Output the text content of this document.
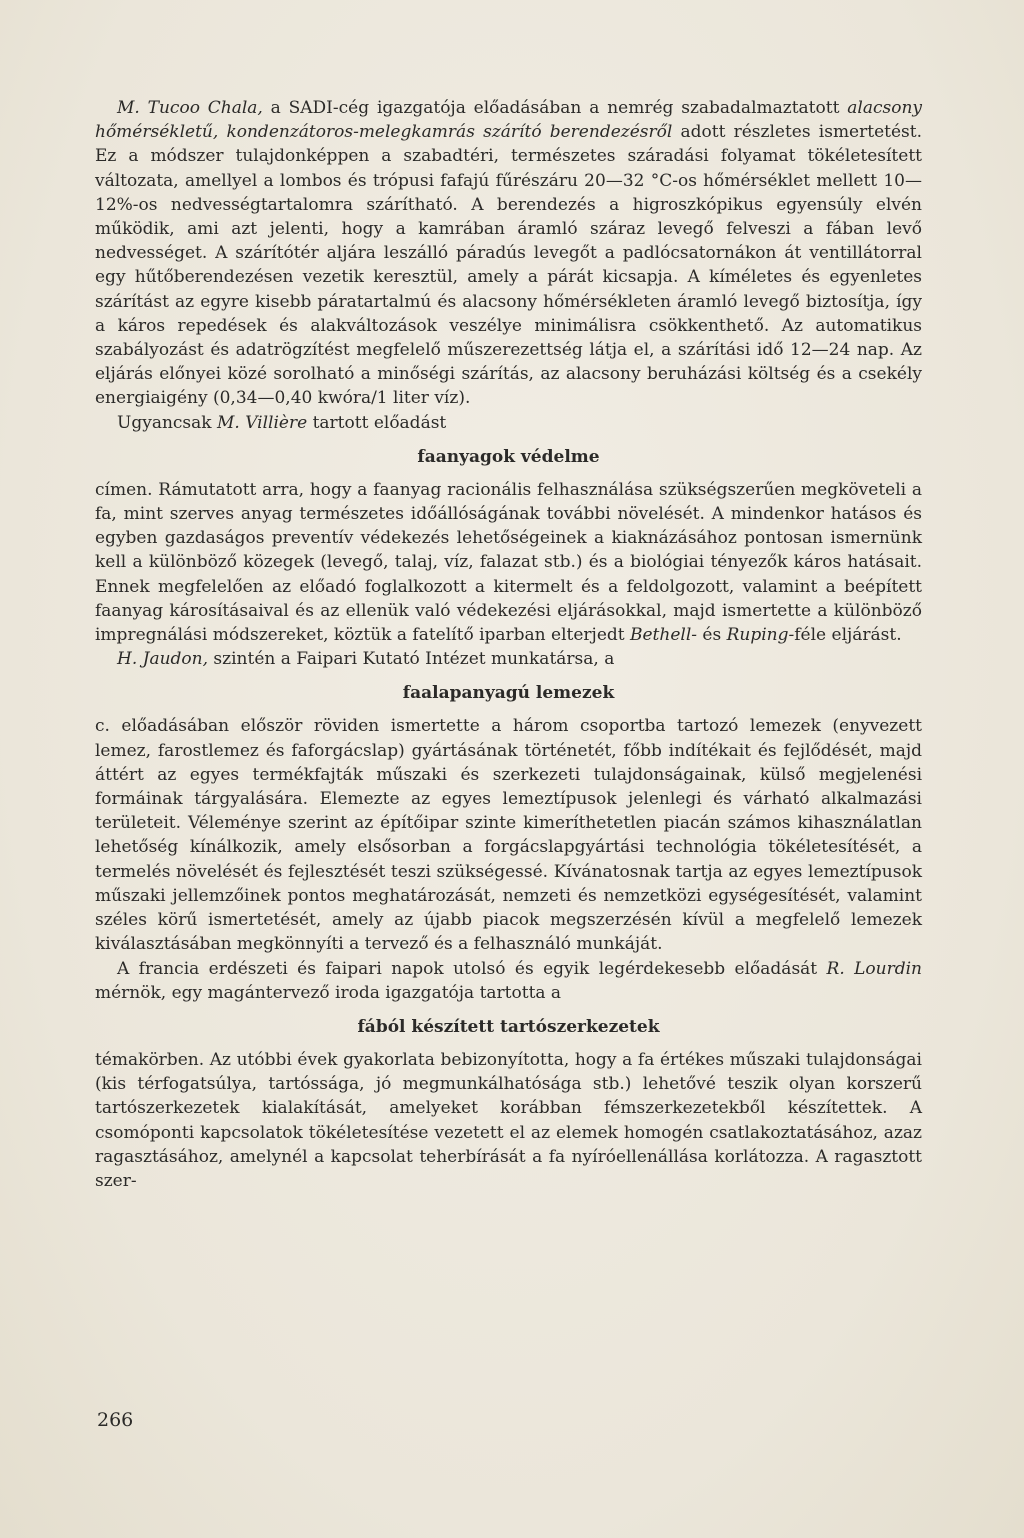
M. Tucoo Chala, a SADI-cég igazgatója előadásában a nemrég szabadalmaztatott alacsony hőmérsékletű, kondenzátoros-melegkamrás szárító berendezésről adott részletes ismertetést. Ez a módszer tulajdonképpen a szabadtéri, természetes száradási folyamat tökéletesített változata, amellyel a lombos és trópusi fafajú fűrészáru 20—32 °C-os hőmérséklet mellett 10—12%-os nedvességtartalomra szárítható. A berendezés a higroszkópikus egyensúly elvén működik, ami azt jelenti, hogy a kamrában áramló száraz levegő felveszi a fában levő nedvességet. A szárítótér aljára leszálló páradús levegőt a padlócsatornákon át ventillátorral egy hűtőberendezésen vezetik keresztül, amely a párát kicsapja. A kíméletes és egyenletes szárítást az egyre kisebb páratartalmú és alacsony hőmérsékleten áramló levegő biztosítja, így a káros repedések és alakváltozások veszélye minimálisra csökkenthető. Az automatikus szabályozást és adatrögzítést megfelelő műszerezettség látja el, a szárítási idő 12—24 nap. Az eljárás előnyei közé sorolható a minőségi szárítás, az alacsony beruházási költség és a csekély energiaigény (0,34—0,40 kwóra/1 liter víz).

Ugyancsak M. Villière tartott előadást

faanyagok védelme

címen. Rámutatott arra, hogy a faanyag racionális felhasználása szükségszerűen megköveteli a fa, mint szerves anyag természetes időállóságának további növelését. A mindenkor hatásos és egyben gazdaságos preventív védekezés lehetőségeinek a kiaknázásához pontosan ismernünk kell a különböző közegek (levegő, talaj, víz, falazat stb.) és a biológiai tényezők káros hatásait. Ennek megfelelően az előadó foglalkozott a kitermelt és a feldolgozott, valamint a beépített faanyag károsításaival és az ellenük való védekezési eljárásokkal, majd ismertette a különböző impregnálási módszereket, köztük a fatelítő iparban elterjedt Bethell- és Ruping-féle eljárást.

H. Jaudon, szintén a Faipari Kutató Intézet munkatársa, a

faalapanyagú lemezek

c. előadásában először röviden ismertette a három csoportba tartozó lemezek (enyvezett lemez, farostlemez és faforgácslap) gyártásának történetét, főbb indítékait és fejlődését, majd áttért az egyes termékfajták műszaki és szerkezeti tulajdonságainak, külső megjelenési formáinak tárgyalására. Elemezte az egyes lemeztípusok jelenlegi és várható alkalmazási területeit. Véleménye szerint az építőipar szinte kimeríthetetlen piacán számos kihasználatlan lehetőség kínálkozik, amely elsősorban a forgácslapgyártási technológia tökéletesítését, a termelés növelését és fejlesztését teszi szükségessé. Kívánatosnak tartja az egyes lemeztípusok műszaki jellemzőinek pontos meghatározását, nemzeti és nemzetközi egységesítését, valamint széles körű ismertetését, amely az újabb piacok megszerzésén kívül a megfelelő lemezek kiválasztásában megkönnyíti a tervező és a felhasználó munkáját.

A francia erdészeti és faipari napok utolsó és egyik legérdekesebb előadását R. Lourdin mérnök, egy magántervező iroda igazgatója tartotta a

fából készített tartószerkezetek

témakörben. Az utóbbi évek gyakorlata bebizonyította, hogy a fa értékes műszaki tulajdonságai (kis térfogatsúlya, tartóssága, jó megmunkálhatósága stb.) lehetővé teszik olyan korszerű tartószerkezetek kialakítását, amelyeket korábban fémszerkezetekből készítettek. A csomóponti kapcsolatok tökéletesítése vezetett el az elemek homogén csatlakoztatásához, azaz ragasztásához, amelynél a kapcsolat teherbírását a fa nyíróellenállása korlátozza. A ragasztott szer-

266
